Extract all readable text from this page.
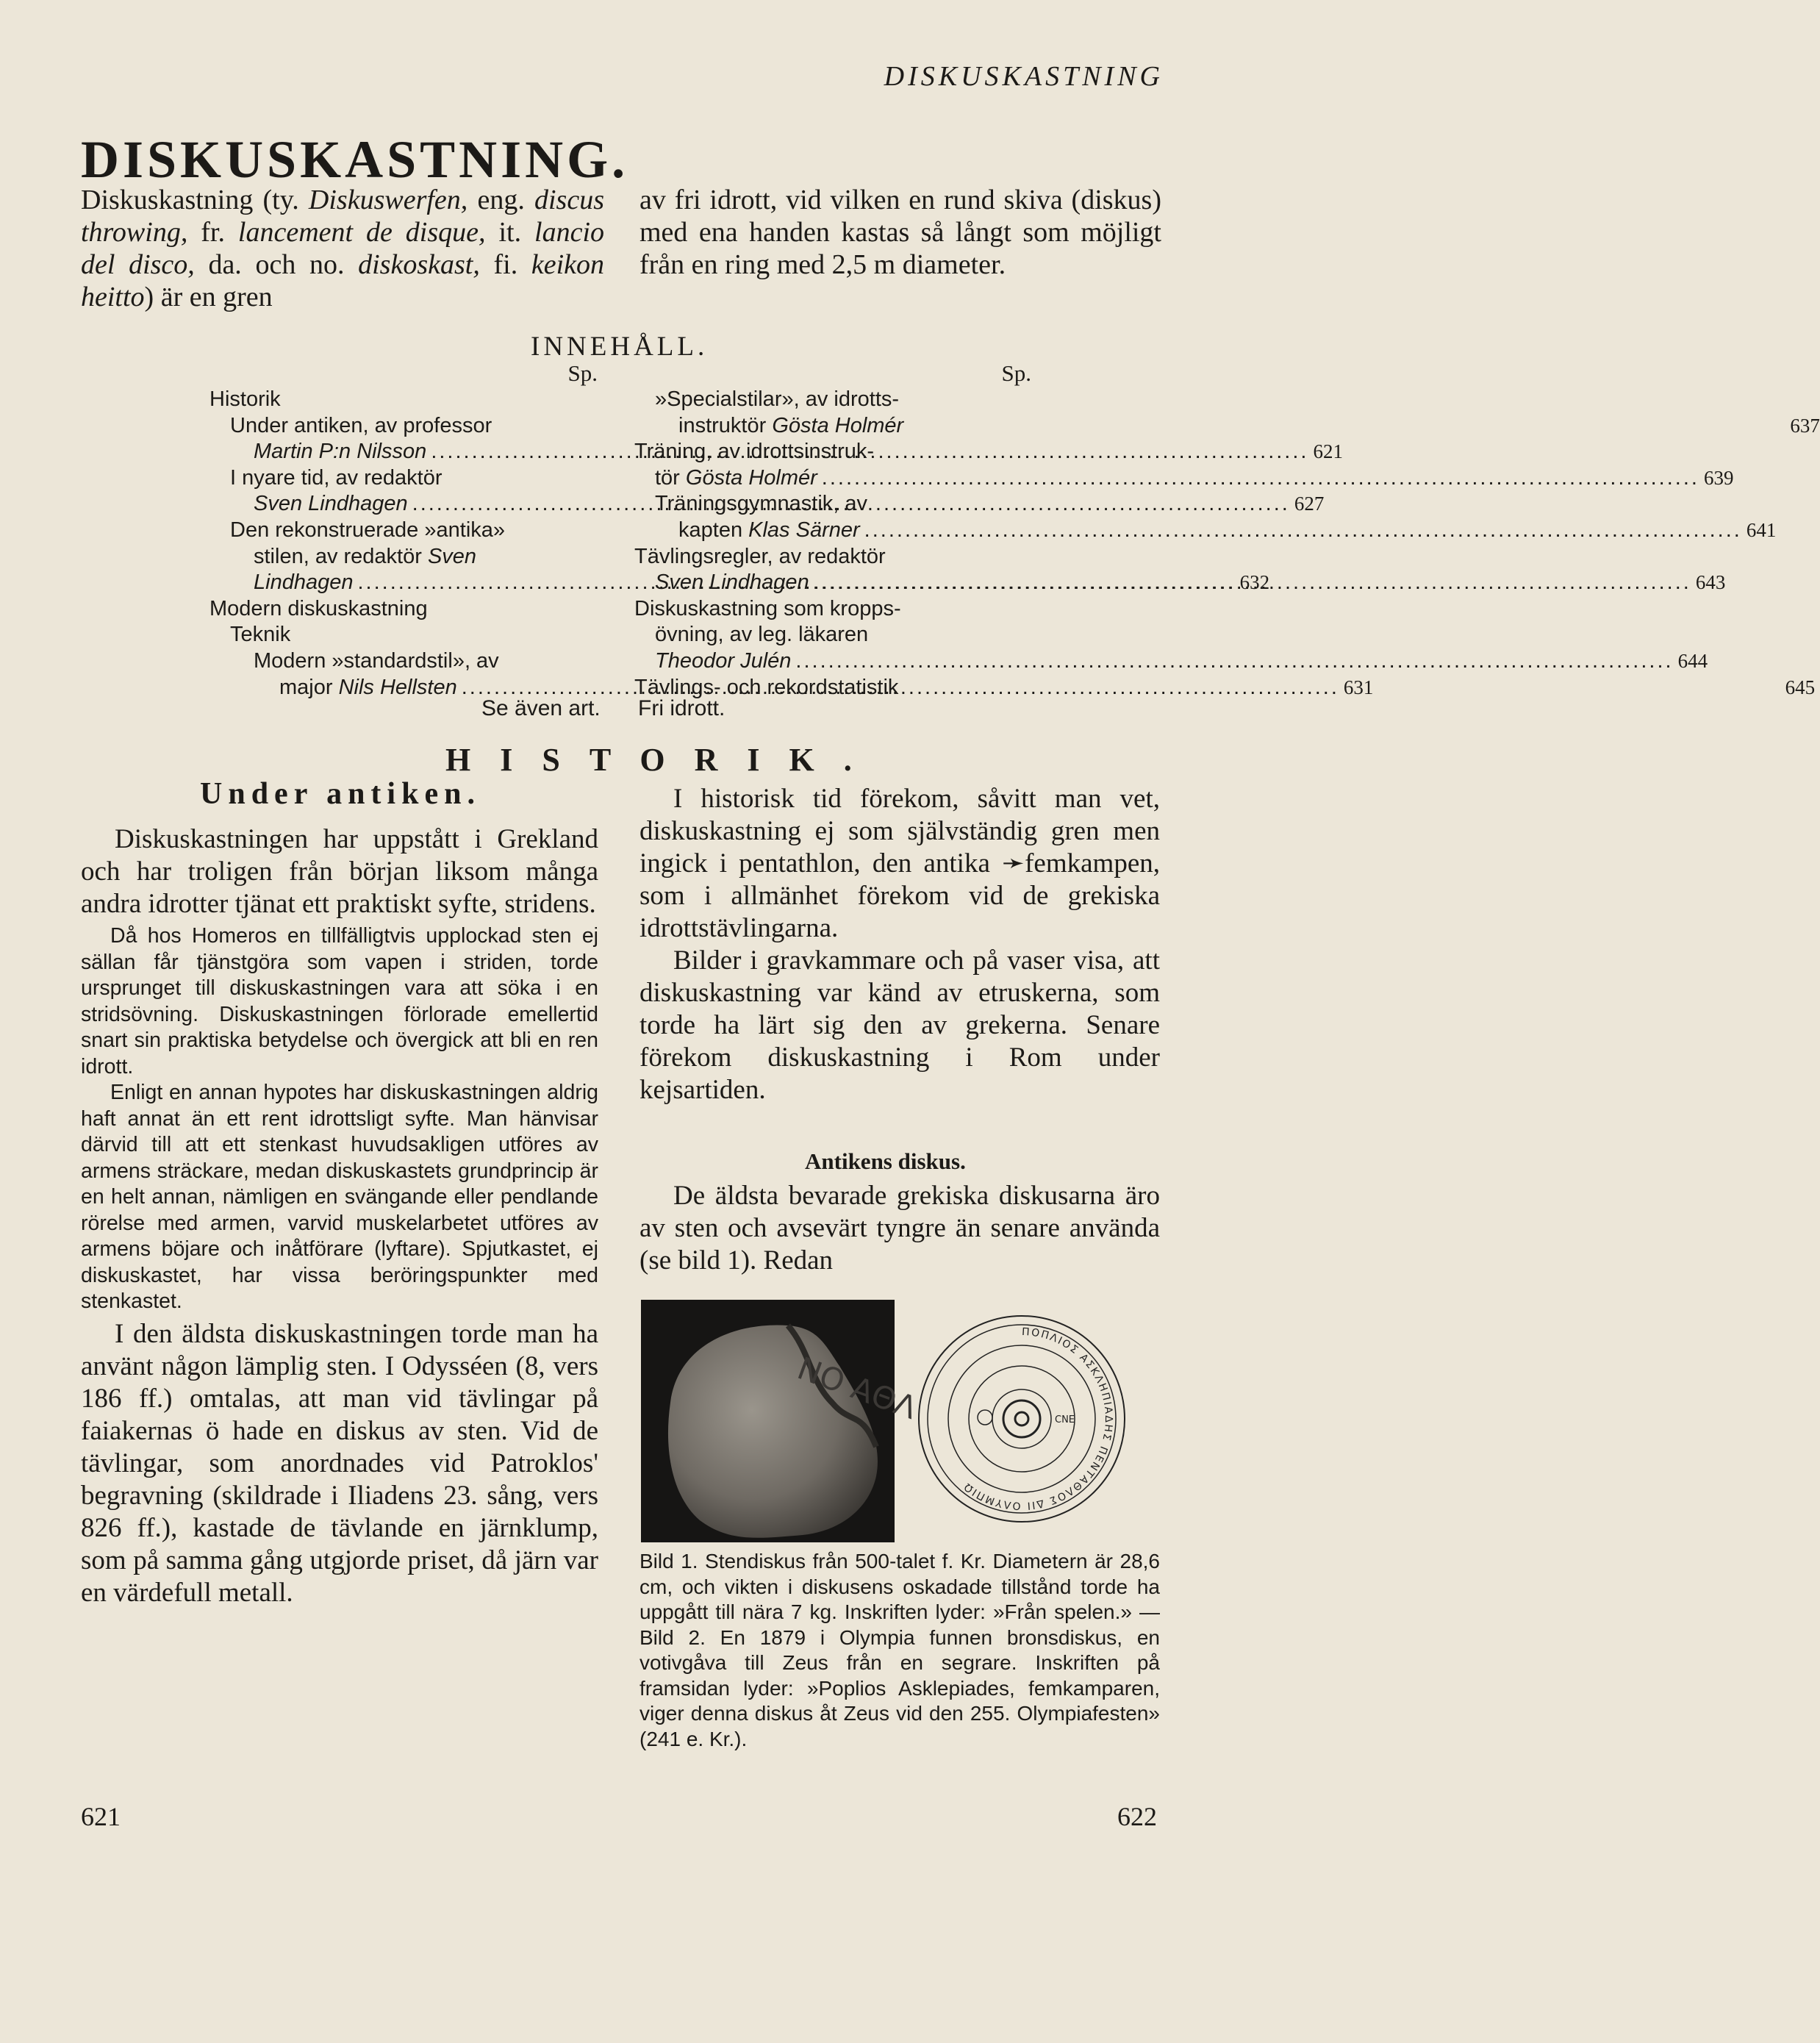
DISKUSKASTNING
DISKUSKASTNING.

Diskuskastning (ty. Diskuswerfen, eng. discus throwing, fr. lancement de disque, it. lancio del disco, da. och no. diskoskast, fi. keikon heitto) är en gren

av fri idrott, vid vilken en rund skiva (diskus) med ena handen kastas så långt som möjligt från en ring med 2,5 m diameter.

INNEHÅLL.
Sp.
Historik
Under antiken, av professor
Martin P:n Nilsson .....	621
I nyare tid, av redaktör
Sven Lindhagen .....	627
Den rekonstruerade »antika»
stilen, av redaktör Sven
Lindhagen .....	632
Modern diskuskastning
Teknik
Modern »standardstil», av
major Nils Hellsten .....	631
Sp.
»Specialstilar», av idrotts-
instruktör Gösta Holmér	637
Träning, av idrottsinstruk-
tör Gösta Holmér .....	639
Träningsgymnastik, av
kapten Klas Särner .....	641
Tävlingsregler, av redaktör
Sven Lindhagen .....	643
Diskuskastning som kropps-
övning, av leg. läkaren
Theodor Julén .....	644
Tävlings- och rekordstatistik	645
Se även art. Fri idrott.
HISTORIK.
Under antiken.

Diskuskastningen har uppstått i Grekland och har troligen från början liksom många andra idrotter tjänat ett praktiskt syfte, stridens.

Då hos Homeros en tillfälligtvis upplockad sten ej sällan får tjänstgöra som vapen i striden, torde ursprunget till diskuskastningen vara att söka i en stridsövning. Diskuskastningen förlorade emellertid snart sin praktiska betydelse och övergick att bli en ren idrott.

Enligt en annan hypotes har diskuskastningen aldrig haft annat än ett rent idrottsligt syfte. Man hänvisar därvid till att ett stenkast huvudsakligen utföres av armens sträckare, medan diskuskastets grundprincip är en helt annan, nämligen en svängande eller pendlande rörelse med armen, varvid muskelarbetet utföres av armens böjare och inåtförare (lyftare). Spjutkastet, ej diskuskastet, har vissa beröringspunkter med stenkastet.

I den äldsta diskuskastningen torde man ha använt någon lämplig sten. I Odysséen (8, vers 186 ff.) omtalas, att man vid tävlingar på faiakernas ö hade en diskus av sten. Vid de tävlingar, som anordnades vid Patroklos' begravning (skildrade i Iliadens 23. sång, vers 826 ff.), kastade de tävlande en järnklump, som på samma gång utgjorde priset, då järn var en värdefull metall.

I historisk tid förekom, såvitt man vet, diskuskastning ej som självständig gren men ingick i pentathlon, den antika ➛femkampen, som i allmänhet förekom vid de grekiska idrottstävlingarna.

Bilder i gravkammare och på vaser visa, att diskuskastning var känd av etruskerna, som torde ha lärt sig den av grekerna. Senare förekom diskuskastning i Rom under kejsartiden.

Antikens diskus.

De äldsta bevarade grekiska diskusarna äro av sten och avsevärt tyngre än senare använda (se bild 1). Redan

ΝΟ ΑΘΛΟ
ΠΟΠΛΙΟΣ ΑΣΚΛΗΠΙΑΔΗΣ ΠΕΝΤΑΘΛΟΣ ΔΙΙ ΟΛΥΜΠΙΩ
CNE

Bild 1. Stendiskus från 500-talet f. Kr. Diametern är 28,6 cm, och vikten i diskusens oskadade tillstånd torde ha uppgått till nära 7 kg. Inskriften lyder: »Från spelen.» — Bild 2. En 1879 i Olympia funnen bronsdiskus, en votivgåva till Zeus från en segrare. Inskriften på framsidan lyder: »Poplios Asklepiades, femkamparen, viger denna diskus åt Zeus vid den 255. Olympiafesten» (241 e. Kr.).

621	622
